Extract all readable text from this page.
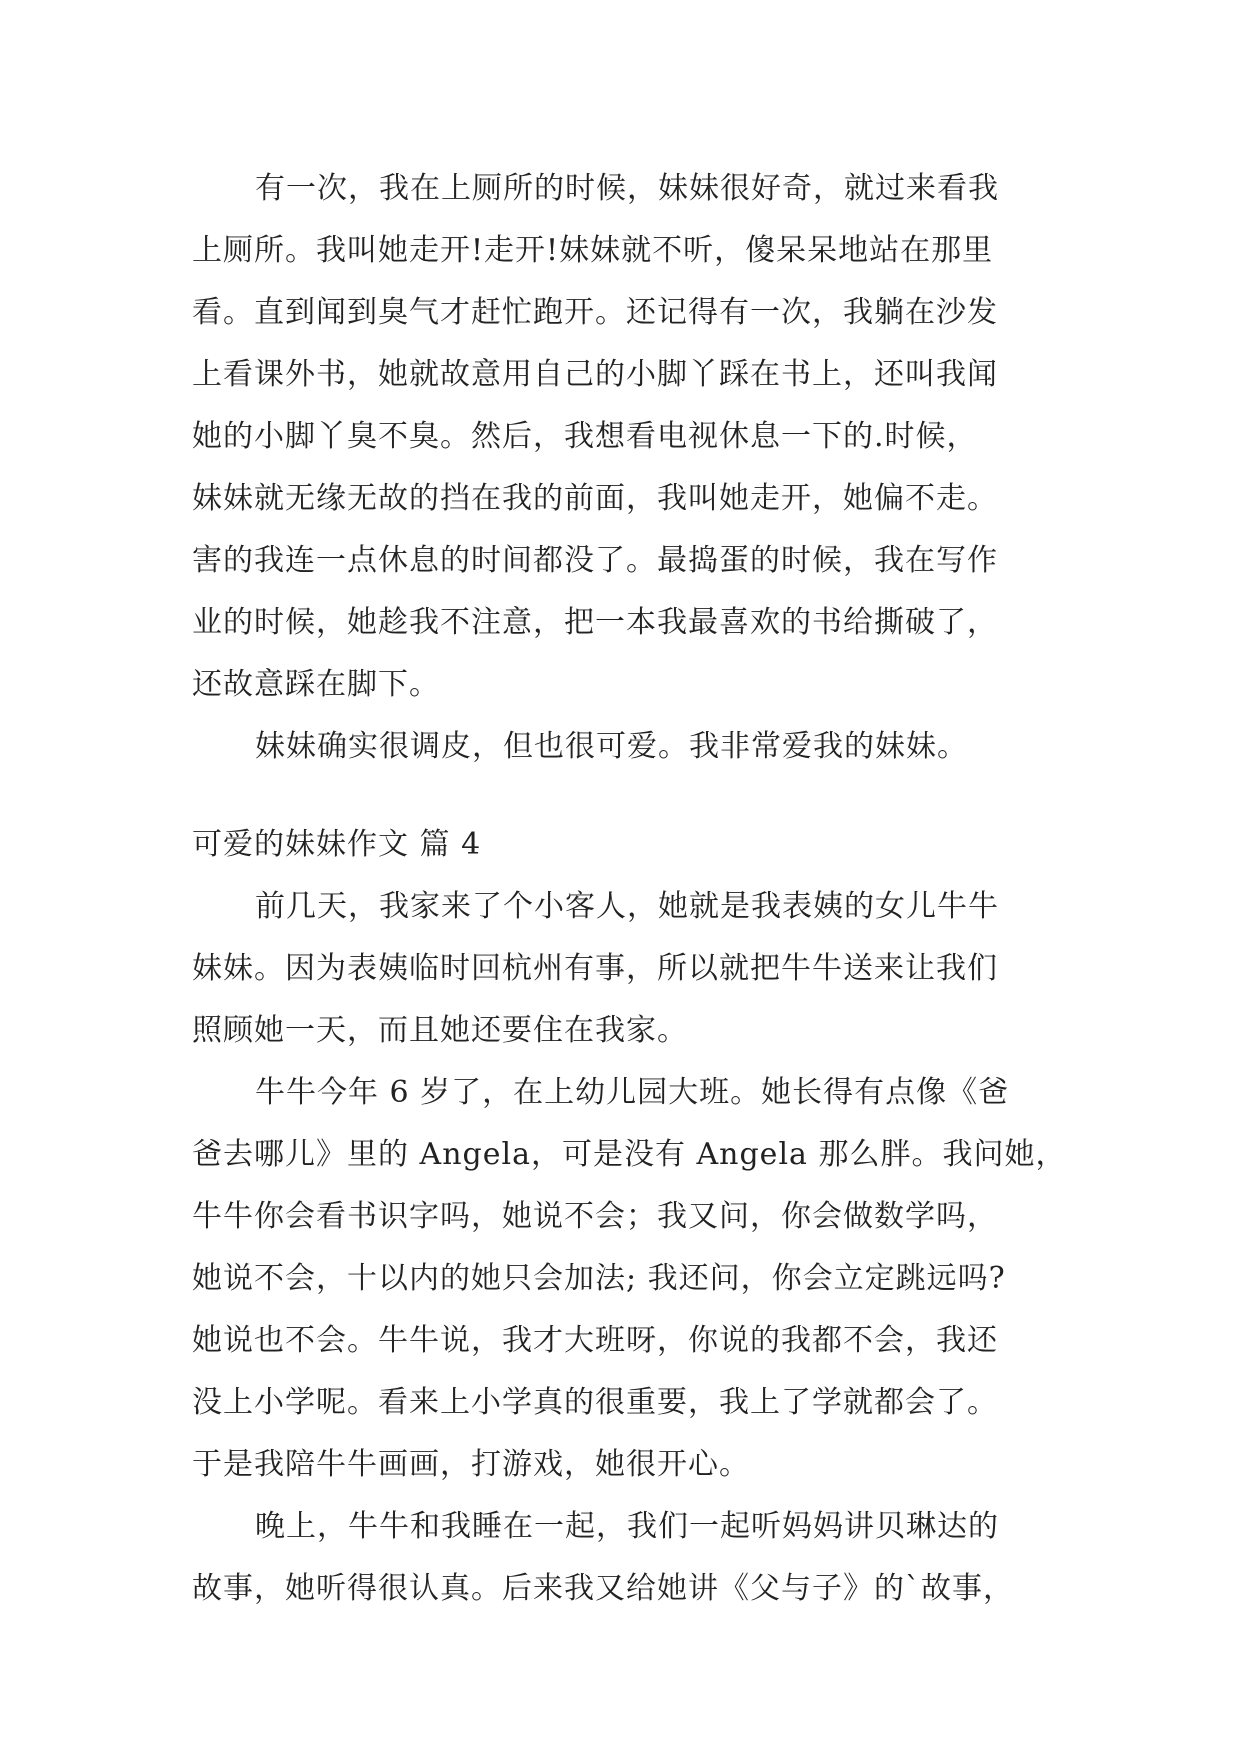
有一次，我在上厕所的时候，妹妹很好奇，就过来看我
上厕所。我叫她走开!走开!妹妹就不听，傻呆呆地站在那里
看。直到闻到臭气才赶忙跑开。还记得有一次，我躺在沙发
上看课外书，她就故意用自己的小脚丫踩在书上，还叫我闻
她的小脚丫臭不臭。然后，我想看电视休息一下的.时候，
妹妹就无缘无故的挡在我的前面，我叫她走开，她偏不走。
害的我连一点休息的时间都没了。最捣蛋的时候，我在写作
业的时候，她趁我不注意，把一本我最喜欢的书给撕破了，
还故意踩在脚下。
妹妹确实很调皮，但也很可爱。我非常爱我的妹妹。
可爱的妹妹作文 篇 4
前几天，我家来了个小客人，她就是我表姨的女儿牛牛
妹妹。因为表姨临时回杭州有事，所以就把牛牛送来让我们
照顾她一天，而且她还要住在我家。
牛牛今年 6 岁了，在上幼儿园大班。她长得有点像《爸
爸去哪儿》里的 Angela，可是没有 Angela 那么胖。我问她，
牛牛你会看书识字吗，她说不会；我又问，你会做数学吗，
她说不会，十以内的她只会加法; 我还问，你会立定跳远吗?
她说也不会。牛牛说，我才大班呀，你说的我都不会，我还
没上小学呢。看来上小学真的很重要，我上了学就都会了。
于是我陪牛牛画画，打游戏，她很开心。
晚上，牛牛和我睡在一起，我们一起听妈妈讲贝琳达的
故事，她听得很认真。后来我又给她讲《父与子》的`故事，
